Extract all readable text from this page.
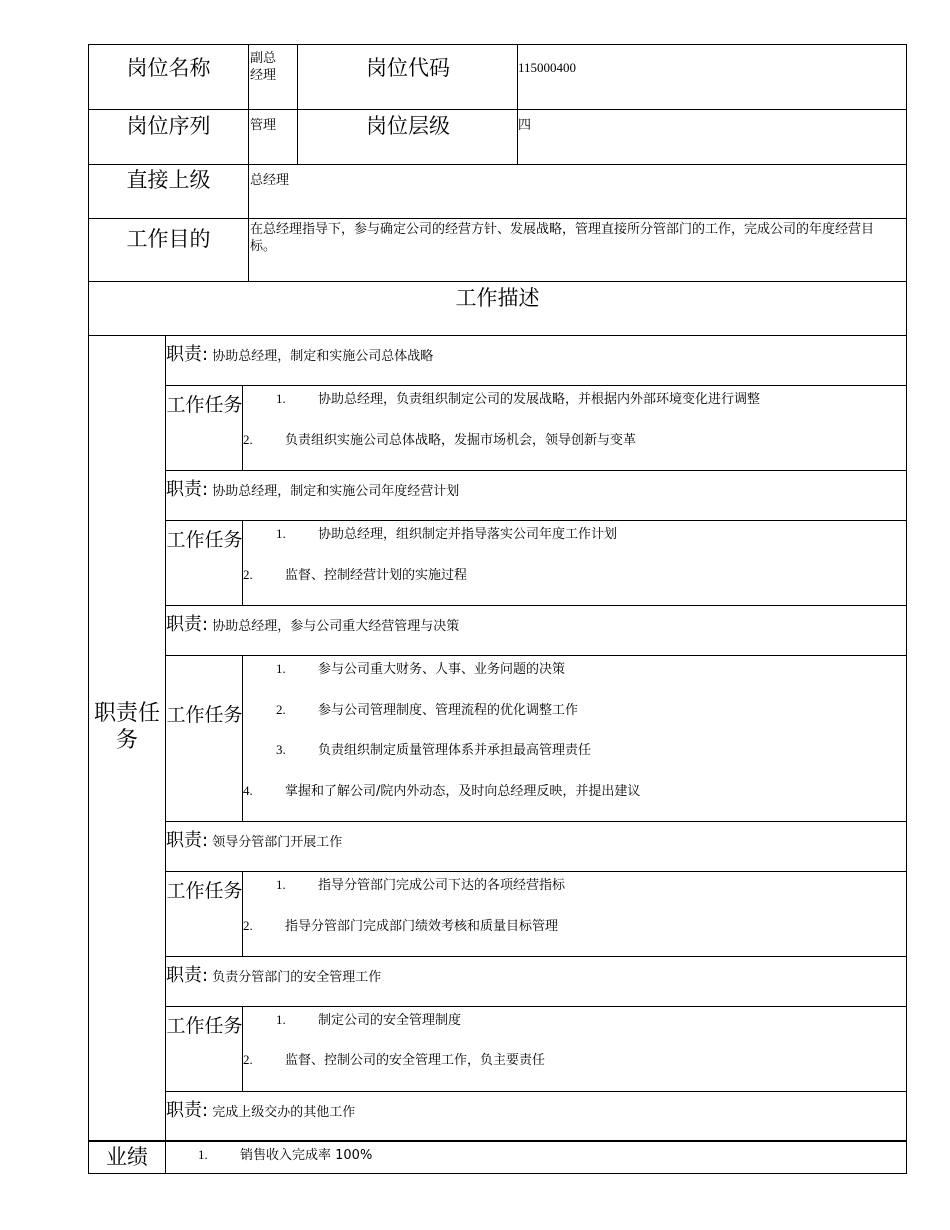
岗位名称	副总经理	岗位代码	115000400
岗位序列	管理	岗位层级	四
直接上级	总经理
工作目的	在总经理指导下，参与确定公司的经营方针、发展战略，管理直接所分管部门的工作，完成公司的年度经营目标。
工作描述
职责任务
职责: 协助总经理，制定和实施公司总体战略
工作任务	1. 协助总经理，负责组织制定公司的发展战略，并根据内外部环境变化进行调整
2. 负责组织实施公司总体战略，发掘市场机会，领导创新与变革
职责: 协助总经理，制定和实施公司年度经营计划
工作任务	1. 协助总经理，组织制定并指导落实公司年度工作计划
2. 监督、控制经营计划的实施过程
职责: 协助总经理，参与公司重大经营管理与决策
工作任务
1. 参与公司重大财务、人事、业务问题的决策
2. 参与公司管理制度、管理流程的优化调整工作
3. 负责组织制定质量管理体系并承担最高管理责任
4. 掌握和了解公司/院内外动态，及时向总经理反映，并提出建议
职责: 领导分管部门开展工作
工作任务	1. 指导分管部门完成公司下达的各项经营指标
2. 指导分管部门完成部门绩效考核和质量目标管理
职责: 负责分管部门的安全管理工作
工作任务	1. 制定公司的安全管理制度
2. 监督、控制公司的安全管理工作，负主要责任
职责: 完成上级交办的其他工作
业绩	1. 销售收入完成率 100%
